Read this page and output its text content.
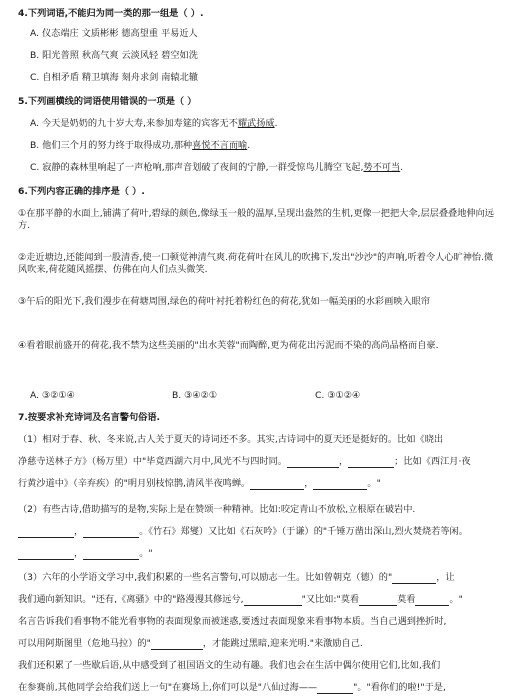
4.下列词语,不能归为同一类的那一组是（ ）.
A. 仪态端庄 文质彬彬 德高望重 平易近人
B. 阳光普照 秋高气爽 云淡风轻 碧空如洗
C. 自相矛盾 精卫填海 刻舟求剑 南辕北辙
5.下列画横线的词语使用错误的一项是（ ）
A. 今天是奶奶的九十岁大寿,来参加寿筵的宾客无不耀武扬威.
B. 他们三个月的努力终于取得成功,那种喜悦不言而喻.
C. 寂静的森林里响起了一声枪响,那声音划破了夜间的宁静,一群受惊鸟儿腾空飞起,势不可当.
6.下列内容正确的排序是（ ）.
①在那平静的水面上,铺满了荷叶,碧绿的颜色,像绿玉一般的温厚,呈现出盎然的生机,更像一把把大伞,层层叠叠地伸向远方.
②走近塘边,还能闻到一股清香,使一口顿觉神清气爽.荷花荷叶在风儿的吹拂下,发出"沙沙"的声响,听着令人心旷神怡.微风吹来,荷花随风摇摆、仿佛在向人们点头微笑.
③午后的阳光下,我们漫步在荷塘周围,绿色的荷叶衬托着粉红色的荷花,犹如一幅美丽的水彩画映入眼帘
④看着眼前盛开的荷花,我不禁为这些美丽的"出水芙蓉"而陶醉,更为荷花出污泥而不染的高尚品格而自豪.
A. ③②①④	B. ③④②①	C. ③①②④
7.按要求补充诗词及名言警句俗语.
（1）相对于春、秋、冬来说,古人关于夏天的诗词还不多。其实,古诗词中的夏天还是挺好的。比如《晓出
净慈寺送林子方》（杨万里）中"毕竟西湖六月中,风光不与四时同。	，	；比如《西江月·夜
行黄沙道中》（辛弃疾）的"明月别枝惊鹊,清风半夜鸣蝉。	，	。"
（2）有些古诗,借助描写的是物,实际上是在赞颂一种精神。比如:咬定青山不放松,立根原在破岩中.
，	。《竹石》郑燮）又比如《石灰吟》（于谦）的"千锤万凿出深山,烈火焚烧若等闲。
，	。"
（3）六年的小学语文学习中,我们积累的一些名言警句,可以励志一生。比如曾朝克（德）的"	，让
我们通向新知识。"还有,《离骚》中的"路漫漫其修远兮,	"又比如:"莫看	莫看	。"
名言告诉我们看事物不能光看事物的表面现象而被迷惑,要透过表面现象来看事物本质。当自己遇到挫折时,
可以用阿斯图里（危地马拉）的"	，才能跳过黑暗,迎来光明."来激励自己.
我们还积累了一些歇后语,从中感受到了祖国语文的生动有趣。我们也会在生活中偶尔使用它们,比如,我们
在参赛前,其他同学会给我们送上一句"在赛场上,你们可以是"八仙过海——	"。"看你们的啦!"于是,
